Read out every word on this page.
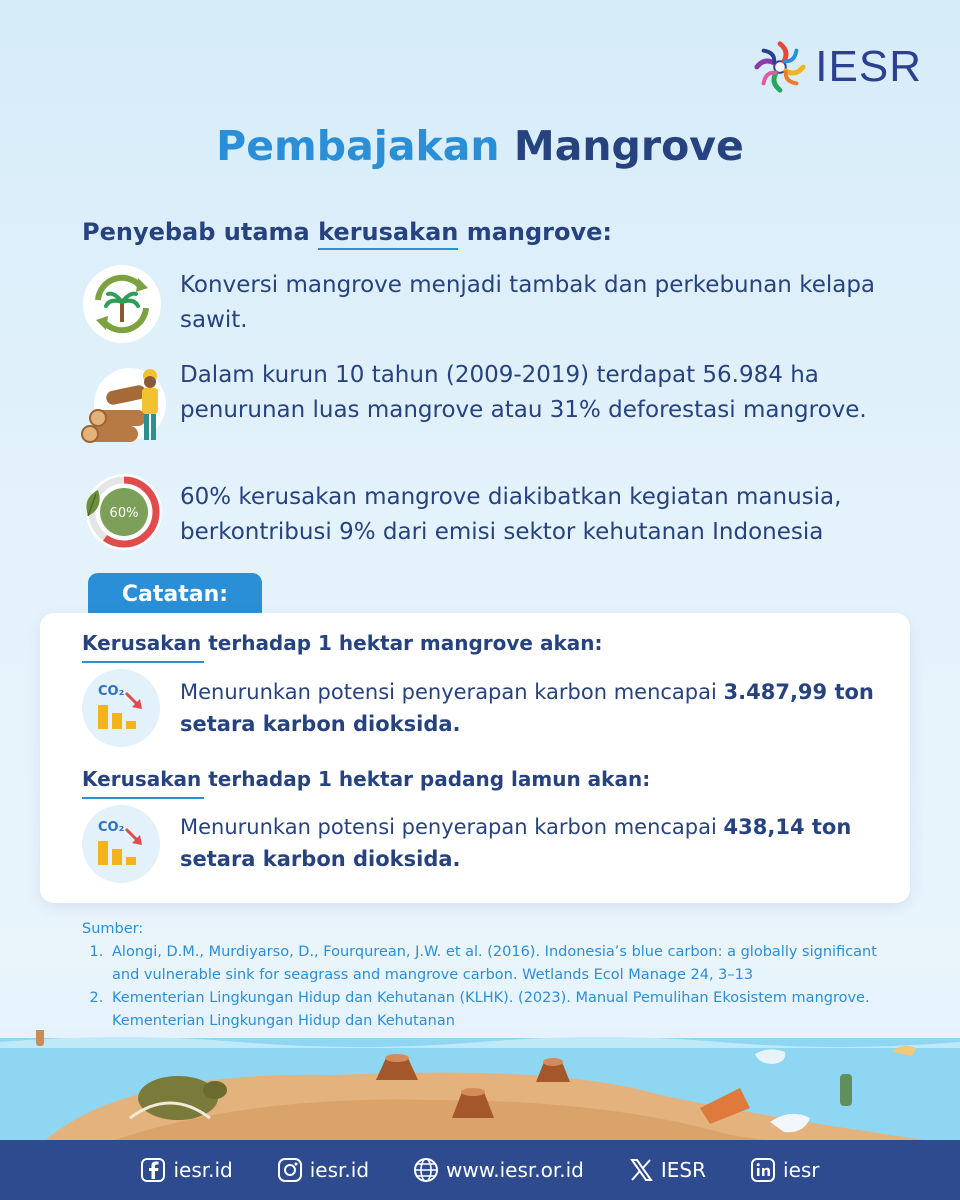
IESR
Pembajakan Mangrove
Penyebab utama kerusakan mangrove:
Konversi mangrove menjadi tambak dan perkebunan kelapa sawit.
Dalam kurun 10 tahun (2009-2019) terdapat 56.984 ha penurunan luas mangrove atau 31% deforestasi mangrove.
60%
60% kerusakan mangrove diakibatkan kegiatan manusia, berkontribusi 9% dari emisi sektor kehutanan Indonesia
Catatan:
Kerusakan terhadap 1 hektar mangrove akan:
CO₂	Menurunkan potensi penyerapan karbon mencapai 3.487,99 ton
setara karbon dioksida.
Kerusakan terhadap 1 hektar padang lamun akan:
CO₂	Menurunkan potensi penyerapan karbon mencapai 438,14 ton
setara karbon dioksida.
Sumber:
1. Alongi, D.M., Murdiyarso, D., Fourqurean, J.W. et al. (2016). Indonesia’s blue carbon: a globally significant and vulnerable sink for seagrass and mangrove carbon. Wetlands Ecol Manage 24, 3–13
2. Kementerian Lingkungan Hidup dan Kehutanan (KLHK). (2023). Manual Pemulihan Ekosistem mangrove. Kementerian Lingkungan Hidup dan Kehutanan
iesr.id	iesr.id	www.iesr.or.id	IESR	iesr
